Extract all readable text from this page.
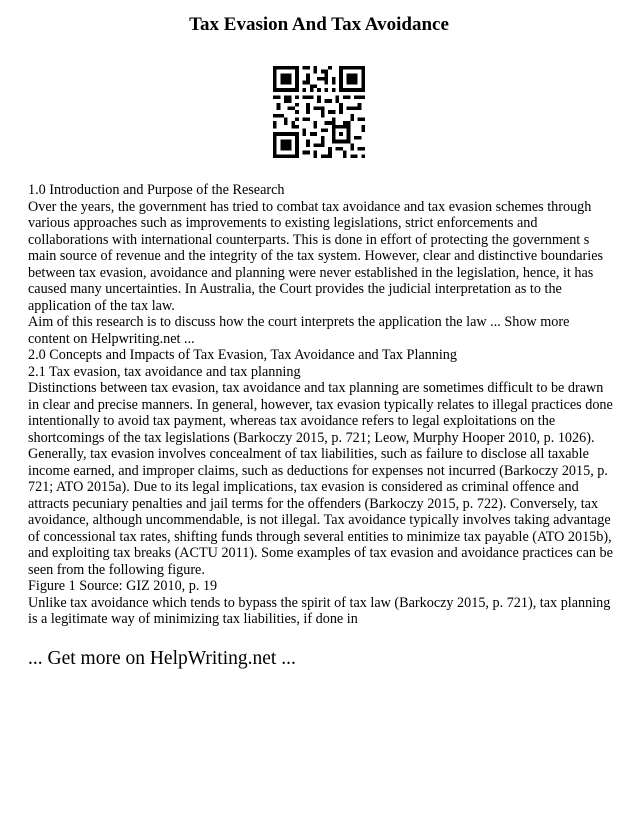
Tax Evasion And Tax Avoidance

1.0 Introduction and Purpose of the Research

Over the years, the government has tried to combat tax avoidance and tax evasion schemes through various approaches such as improvements to existing legislations, strict enforcements and collaborations with international counterparts. This is done in effort of protecting the government s main source of revenue and the integrity of the tax system. However, clear and distinctive boundaries between tax evasion, avoidance and planning were never established in the legislation, hence, it has caused many uncertainties. In Australia, the Court provides the judicial interpretation as to the application of the tax law.

Aim of this research is to discuss how the court interprets the application the law ... Show more content on Helpwriting.net ...

2.0 Concepts and Impacts of Tax Evasion, Tax Avoidance and Tax Planning

2.1 Tax evasion, tax avoidance and tax planning

Distinctions between tax evasion, tax avoidance and tax planning are sometimes difficult to be drawn in clear and precise manners. In general, however, tax evasion typically relates to illegal practices done intentionally to avoid tax payment, whereas tax avoidance refers to legal exploitations on the shortcomings of the tax legislations (Barkoczy 2015, p. 721; Leow, Murphy Hooper 2010, p. 1026). Generally, tax evasion involves concealment of tax liabilities, such as failure to disclose all taxable income earned, and improper claims, such as deductions for expenses not incurred (Barkoczy 2015, p. 721; ATO 2015a). Due to its legal implications, tax evasion is considered as criminal offence and attracts pecuniary penalties and jail terms for the offenders (Barkoczy 2015, p. 722). Conversely, tax avoidance, although uncommendable, is not illegal. Tax avoidance typically involves taking advantage of concessional tax rates, shifting funds through several entities to minimize tax payable (ATO 2015b), and exploiting tax breaks (ACTU 2011). Some examples of tax evasion and avoidance practices can be seen from the following figure.

Figure 1 Source: GIZ 2010, p. 19

Unlike tax avoidance which tends to bypass the spirit of tax law (Barkoczy 2015, p. 721), tax planning is a legitimate way of minimizing tax liabilities, if done in

... Get more on HelpWriting.net ...
